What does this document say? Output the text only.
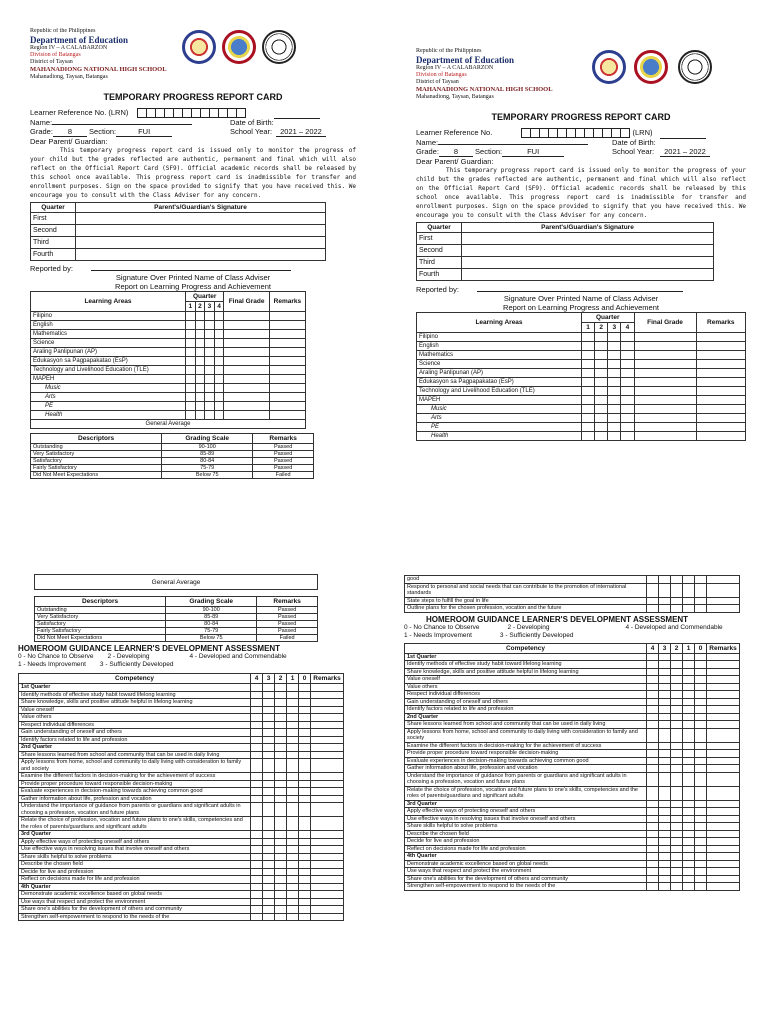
Republic of the Philippines
Department of Education
Region IV – A CALABARZON
Division of Batangas
District of Taysan
MAHANADIONG NATIONAL HIGH SCHOOL
Mahanadiong, Taysan, Batangas
TEMPORARY PROGRESS REPORT CARD
Learner Reference No. (LRN)
Name:	Date of Birth:
Grade: 8 Section:	FUI	School Year:	2021 – 2022
Dear Parent/ Guardian:

This temporary progress report card is issued only to monitor the progress of your child but the grades reflected are authentic, permanent and final which will also reflect on the Official Report Card (SF9). Official academic records shall be released by this school once available. This progress report card is inadmissible for transfer and enrollment purposes. Sign on the space provided to signify that you have received this. We encourage you to consult with the Class Adviser for any concern.

Quarter	Parent's/Guardian's Signature
First	
Second	
Third	
Fourth	
Reported by:
Signature Over Printed Name of Class Adviser
Report on Learning Progress and Achievement
Learning Areas	Quarter				Final Grade	Remarks
	1	2	3	4		
Filipino						
English						
Mathematics						
Science						
Araling Panlipunan (AP)						
Edukasyon sa Pagpapakatao (EsP)						
Technology and Livelihood Education (TLE)						
MAPEH						
Music						
Arts						
PE						
Health						
General Average						
Descriptors	Grading Scale	Remarks
Outstanding	90-100	Passed
Very Satisfactory	85-89	Passed
Satisfactory	80-84	Passed
Fairly Satisfactory	75-79	Passed
Did Not Meet Expectations	Below 75	Failed
Republic of the Philippines
Department of Education
Region IV – A CALABARZON
Division of Batangas
District of Taysan
MAHANADIONG NATIONAL HIGH SCHOOL
Mahanadiong, Taysan, Batangas
TEMPORARY PROGRESS REPORT CARD
Learner Reference No.	(LRN)
Name:	Date of Birth:
Grade: 8 Section:	FUI	School Year:	2021 – 2022
Dear Parent/ Guardian:

This temporary progress report card is issued only to monitor the progress of your child but the grades reflected are authentic, permanent and final which will also reflect on the Official Report Card (SF9). Official academic records shall be released by this school once available. This progress report card is inadmissible for transfer and enrollment purposes. Sign on the space provided to signify that you have received this. We encourage you to consult with the Class Adviser for any concern.

Quarter	Parent's/Guardian's Signature
First	
Second	
Third	
Fourth	
Reported by:
Signature Over Printed Name of Class Adviser
Report on Learning Progress and Achievement
Learning Areas	Quarter				Final Grade	Remarks
	1	2	3	4		
Filipino						
English						
Mathematics						
Science						
Araling Panlipunan (AP)						
Edukasyon sa Pagpapakatao (EsP)						
Technology and Livelihood Education (TLE)						
MAPEH						
Music						
Arts						
PE						
Health						
General Average
Descriptors	Grading Scale	Remarks
Outstanding	90-100	Passed
Very Satisfactory	85-89	Passed
Satisfactory	80-84	Passed
Fairly Satisfactory	75-79	Passed
Did Not Meet Expectations	Below 75	Failed
HOMEROOM GUIDANCE LEARNER'S DEVELOPMENT ASSESSMENT
0 - No Chance to Observe 2 - Developing	4 - Developed and Commendable
1 - Needs Improvement 3 - Sufficiently Developed
Competency	4	3	2	1	0	Remarks
1st Quarter						
Identify methods of effective study habit toward lifelong learning						
Share knowledge, skills and positive attitude helpful in lifelong learning						
Value oneself						
Value others						
Respect individual differences						
Gain understanding of oneself and others						
Identify factors related to life and profession						
2nd Quarter						
Share lessons learned from school and community that can be used in daily living						
Apply lessons from home, school and community to daily living with consideration to family and society						
Examine the different factors in decision-making for the achievement of success						
Provide proper procedure toward responsible decision-making						
Evaluate experiences in decision-making towards achieving common good						
Gather information about life, profession and vocation						
Understand the importance of guidance from parents or guardians and significant adults in choosing a profession, vocation and future plans						
Relate the choice of profession, vocation and future plans to one's skills, competencies and the roles of parents/guardians and significant adults						
3rd Quarter						
Apply effective ways of protecting oneself and others						
Use effective ways in resolving issues that involve oneself and others						
Share skills helpful to solve problems						
Describe the chosen field						
Decide for live and profession						
Reflect on decisions made for life and profession						
4th Quarter						
Demonstrate academic excellence based on global needs						
Use ways that respect and protect the environment						
Share one's abilities for the development of others and community						
Strengthen self-empowerment to respond to the needs of the						
good						
Respond to personal and social needs that can contribute to the promotion of international standards						
State steps to fulfill the goal in life						
Outline plans for the chosen profession, vocation and the future						
HOMEROOM GUIDANCE LEARNER'S DEVELOPMENT ASSESSMENT
0 - No Chance to Observe	2 - Developing	4 - Developed and Commendable
1 - Needs Improvement	3 - Sufficiently Developed
Competency	4	3	2	1	0	Remarks
1st Quarter						
Identify methods of effective study habit toward lifelong learning						
Share knowledge, skills and positive attitude helpful in lifelong learning						
Value oneself						
Value others						
Respect individual differences						
Gain understanding of oneself and others						
Identify factors related to life and profession						
2nd Quarter						
Share lessons learned from school and community that can be used in daily living						
Apply lessons from home, school and community to daily living with consideration to family and society						
Examine the different factors in decision-making for the achievement of success						
Provide proper procedure toward responsible decision-making						
Evaluate experiences in decision-making towards achieving common good						
Gather information about life, profession and vocation						
Understand the importance of guidance from parents or guardians and significant adults in choosing a profession, vocation and future plans						
Relate the choice of profession, vocation and future plans to one's skills, competencies and the roles of parents/guardians and significant adults						
3rd Quarter						
Apply effective ways of protecting oneself and others						
Use effective ways in resolving issues that involve oneself and others						
Share skills helpful to solve problems						
Describe the chosen field						
Decide for live and profession						
Reflect on decisions made for life and profession						
4th Quarter						
Demonstrate academic excellence based on global needs						
Use ways that respect and protect the environment						
Share one's abilities for the development of others and community						
Strengthen self-empowerment to respond to the needs of the						
